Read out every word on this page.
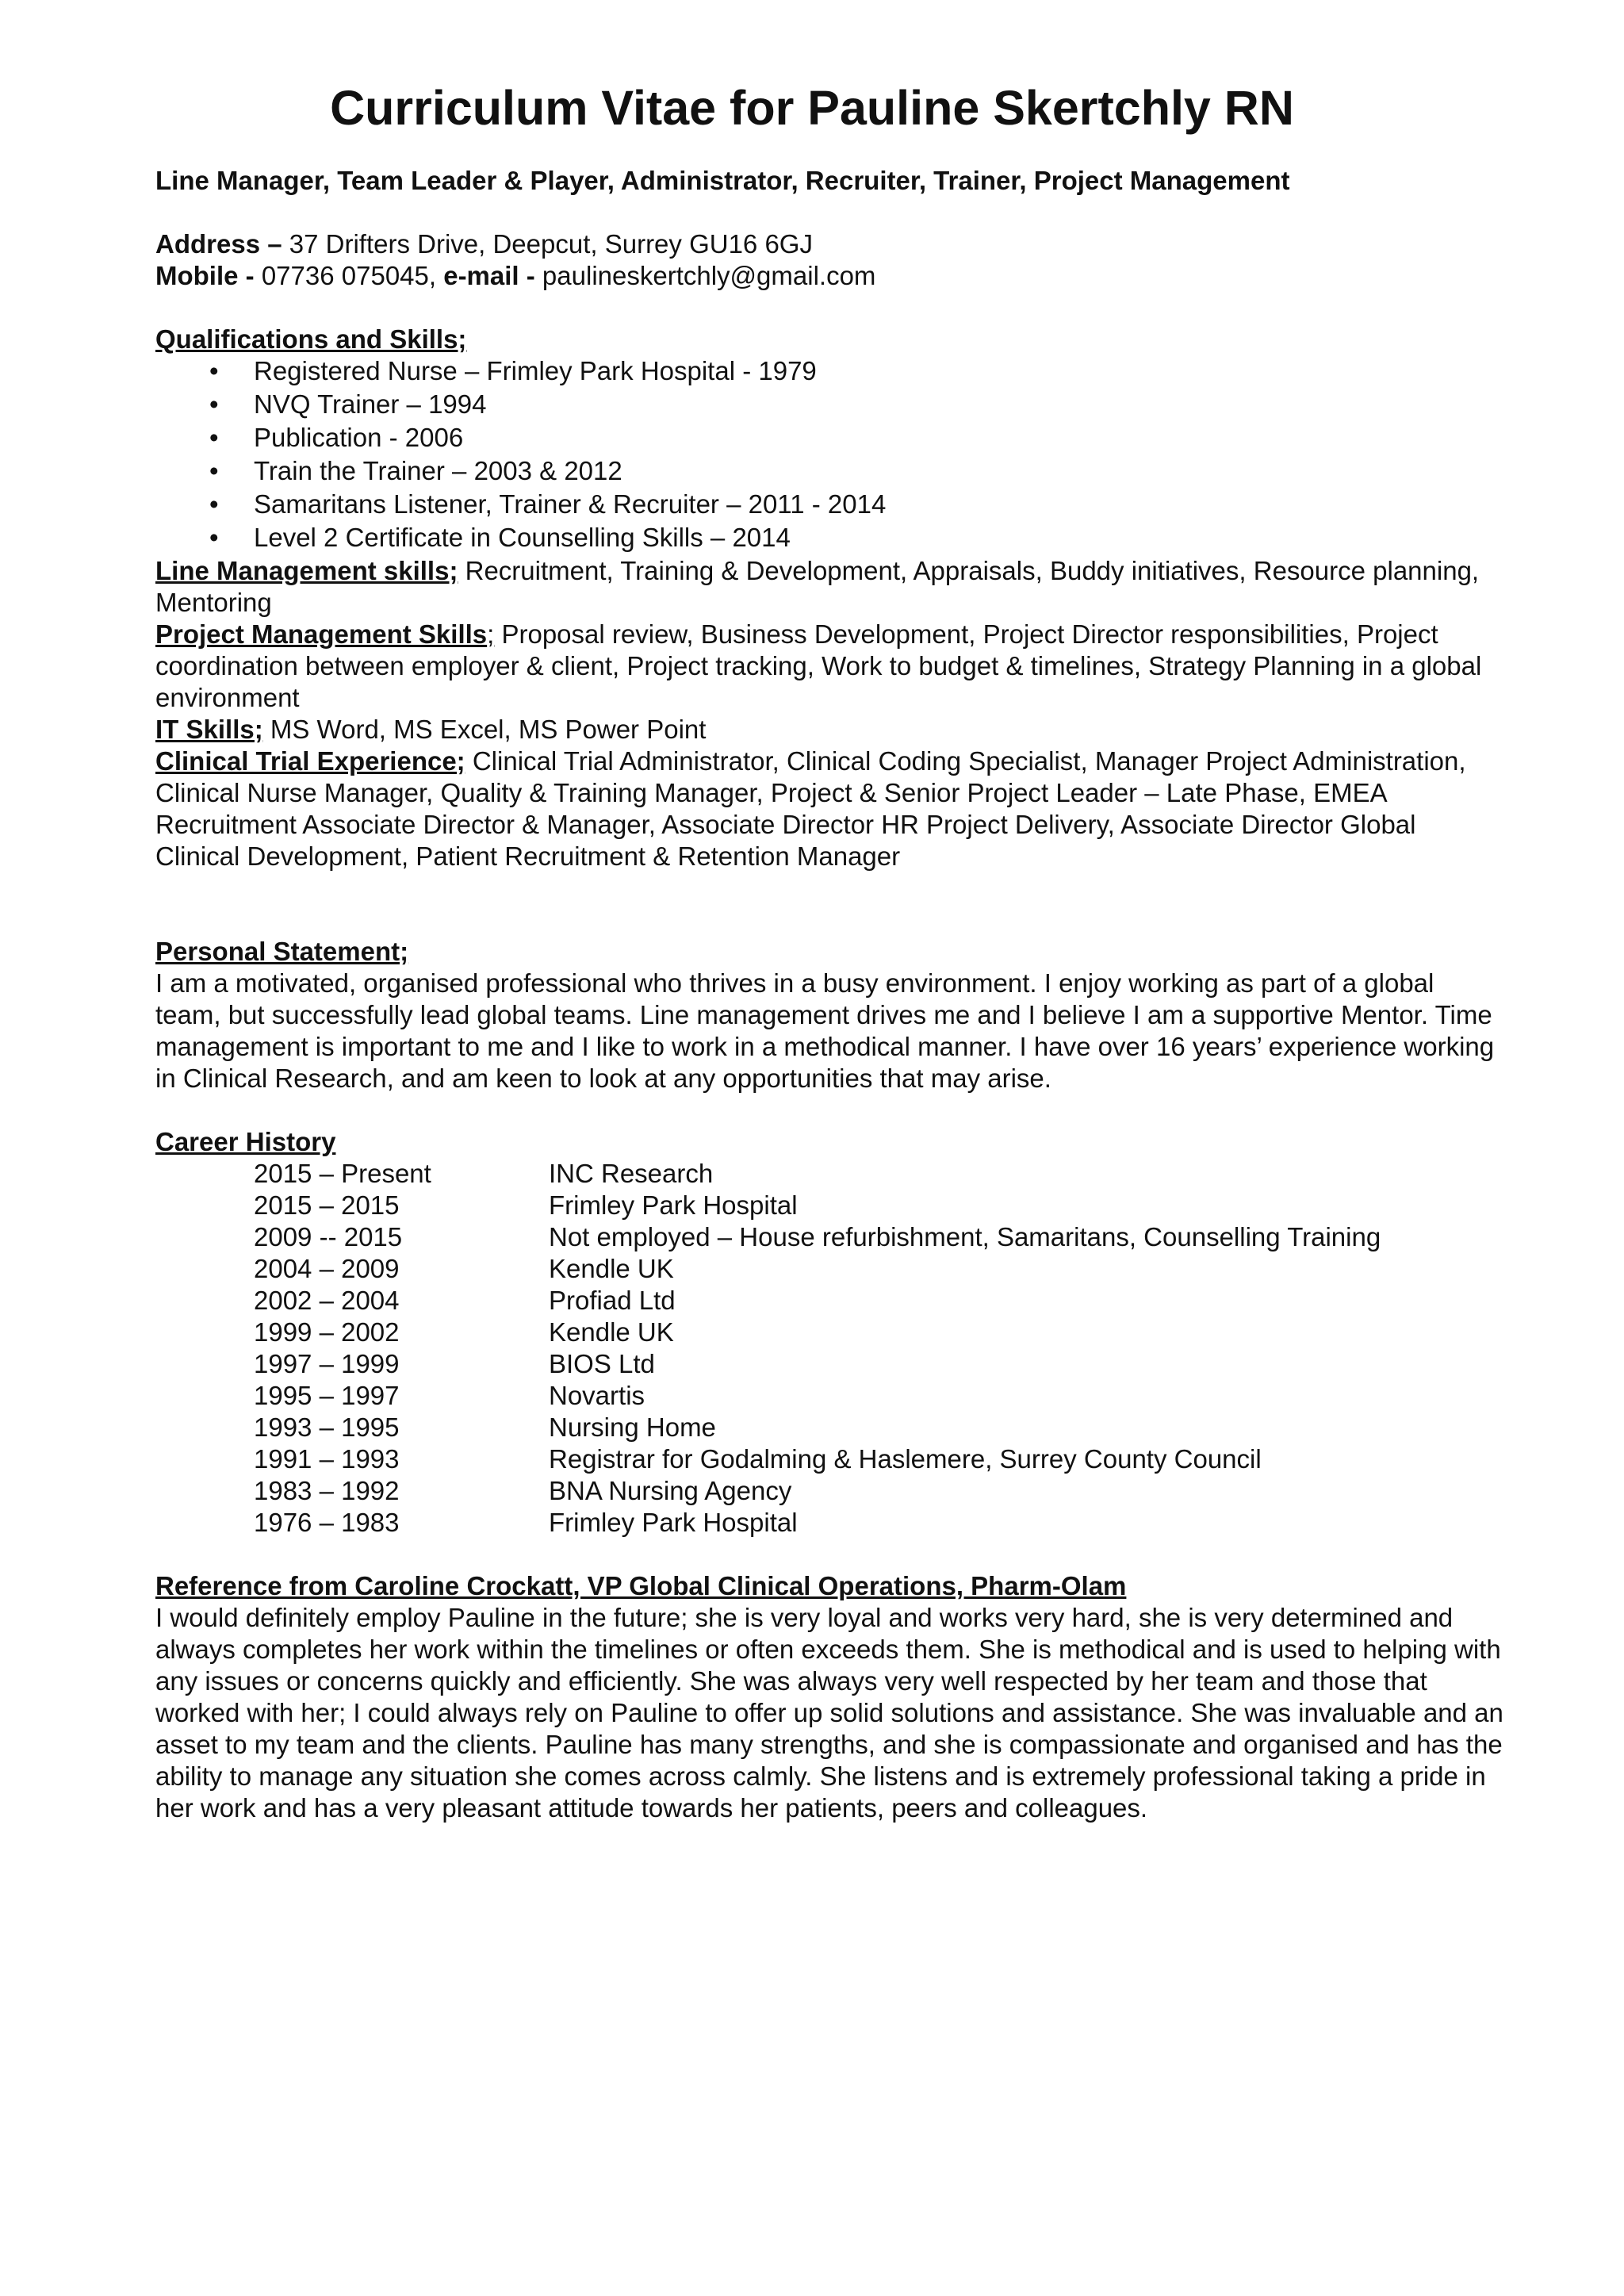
Curriculum Vitae for Pauline Skertchly RN
Line Manager, Team Leader & Player, Administrator, Recruiter, Trainer, Project Management

Address – 37 Drifters Drive, Deepcut, Surrey GU16 6GJ

Mobile - 07736 075045, e-mail - paulineskertchly@gmail.com

Qualifications and Skills;
• Registered Nurse – Frimley Park Hospital - 1979
• NVQ Trainer – 1994
• Publication - 2006
• Train the Trainer – 2003 & 2012
• Samaritans Listener, Trainer & Recruiter – 2011 - 2014
• Level 2 Certificate in Counselling Skills – 2014

Line Management skills; Recruitment, Training & Development, Appraisals, Buddy initiatives, Resource planning, Mentoring

Project Management Skills; Proposal review, Business Development, Project Director responsibilities, Project coordination between employer & client, Project tracking, Work to budget & timelines, Strategy Planning in a global environment

IT Skills; MS Word, MS Excel, MS Power Point

Clinical Trial Experience; Clinical Trial Administrator, Clinical Coding Specialist, Manager Project Administration, Clinical Nurse Manager, Quality & Training Manager, Project & Senior Project Leader – Late Phase, EMEA Recruitment Associate Director & Manager, Associate Director HR Project Delivery, Associate Director Global Clinical Development, Patient Recruitment & Retention Manager

Personal Statement;

I am a motivated, organised professional who thrives in a busy environment. I enjoy working as part of a global team, but successfully lead global teams. Line management drives me and I believe I am a supportive Mentor. Time management is important to me and I like to work in a methodical manner. I have over 16 years’ experience working in Clinical Research, and am keen to look at any opportunities that may arise.

Career History
2015 – Present	INC Research
2015 – 2015	Frimley Park Hospital
2009 -- 2015	Not employed – House refurbishment, Samaritans, Counselling Training
2004 – 2009	Kendle UK
2002 – 2004	Profiad Ltd
1999 – 2002	Kendle UK
1997 – 1999	BIOS Ltd
1995 – 1997	Novartis
1993 – 1995	Nursing Home
1991 – 1993	Registrar for Godalming & Haslemere, Surrey County Council
1983 – 1992	BNA Nursing Agency
1976 – 1983	Frimley Park Hospital
Reference from Caroline Crockatt, VP Global Clinical Operations, Pharm-Olam

I would definitely employ Pauline in the future; she is very loyal and works very hard, she is very determined and always completes her work within the timelines or often exceeds them. She is methodical and is used to helping with any issues or concerns quickly and efficiently. She was always very well respected by her team and those that worked with her; I could always rely on Pauline to offer up solid solutions and assistance. She was invaluable and an asset to my team and the clients. Pauline has many strengths, and she is compassionate and organised and has the ability to manage any situation she comes across calmly. She listens and is extremely professional taking a pride in her work and has a very pleasant attitude towards her patients, peers and colleagues.
